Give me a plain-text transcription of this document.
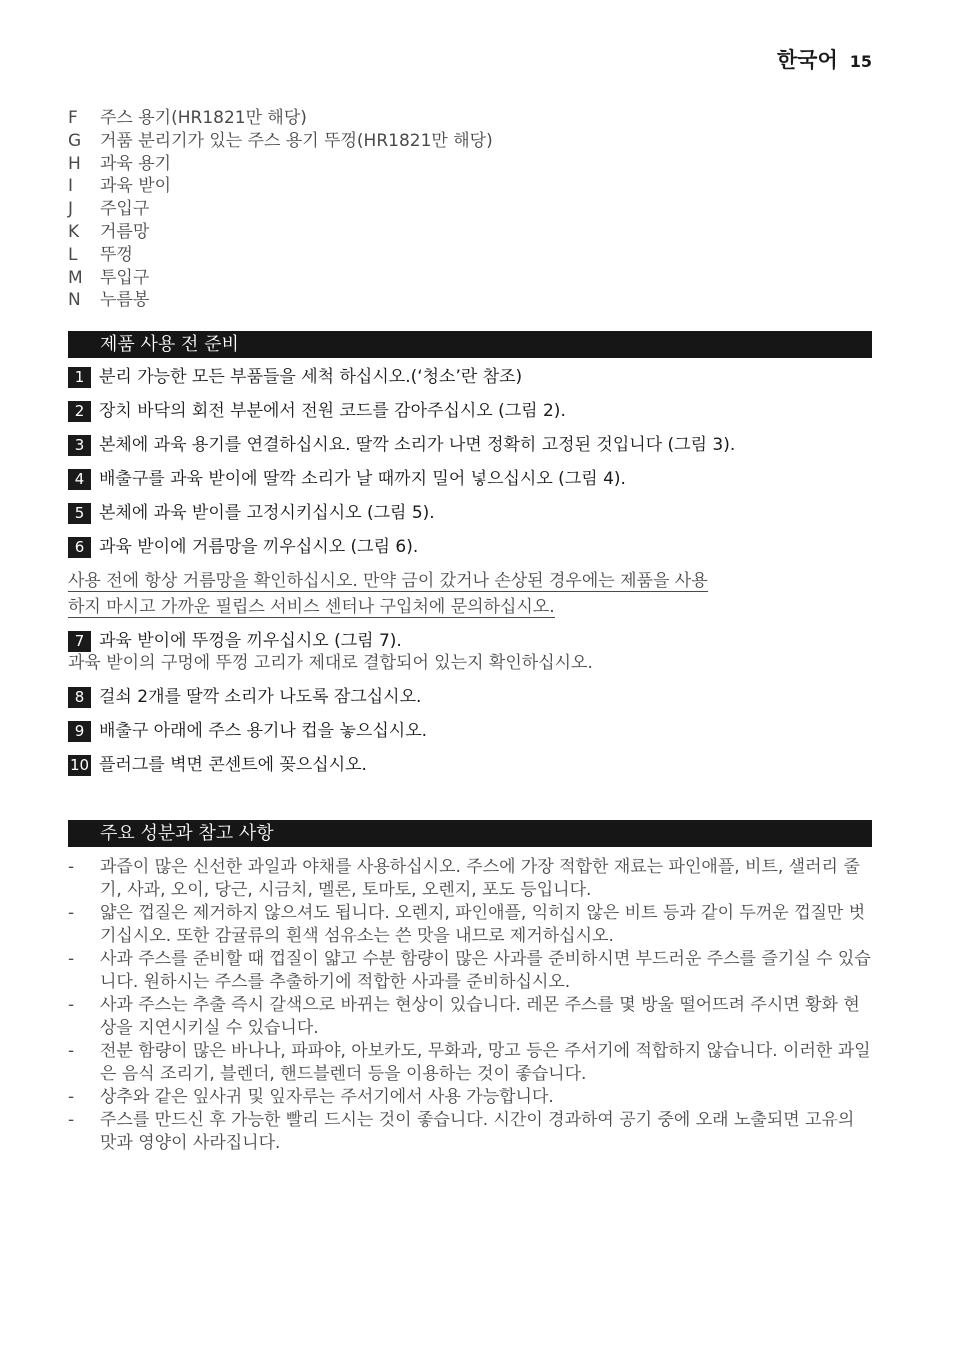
한국어 15
F	주스 용기(HR1821만 해당)
G	거품 분리기가 있는 주스 용기 뚜껑(HR1821만 해당)
H	과육 용기
I	과육 받이
J	주입구
K	거름망
L	뚜껑
M	투입구
N	누름봉
제품 사용 전 준비
1 분리 가능한 모든 부품들을 세척 하십시오.(‘청소’란 참조)
2 장치 바닥의 회전 부분에서 전원 코드를 감아주십시오 (그림 2).
3 본체에 과육 용기를 연결하십시요. 딸깍 소리가 나면 정확히 고정된 것입니다 (그림 3).
4 배출구를 과육 받이에 딸깍 소리가 날 때까지 밀어 넣으십시오 (그림 4).
5 본체에 과육 받이를 고정시키십시오 (그림 5).
6 과육 받이에 거름망을 끼우십시오 (그림 6).
사용 전에 항상 거름망을 확인하십시오. 만약 금이 갔거나 손상된 경우에는 제품을 사용
하지 마시고 가까운 필립스 서비스 센터나 구입처에 문의하십시오.
7 과육 받이에 뚜껑을 끼우십시오 (그림 7).
과육 받이의 구멍에 뚜껑 고리가 제대로 결합되어 있는지 확인하십시오.
8 걸쇠 2개를 딸깍 소리가 나도록 잠그십시오.
9 배출구 아래에 주스 용기나 컵을 놓으십시오.
10 플러그를 벽면 콘센트에 꽂으십시오.
주요 성분과 참고 사항
-	과즙이 많은 신선한 과일과 야채를 사용하십시오. 주스에 가장 적합한 재료는 파인애플, 비트, 샐러리 줄기, 사과, 오이, 당근, 시금치, 멜론, 토마토, 오렌지, 포도 등입니다.
-	얇은 껍질은 제거하지 않으셔도 됩니다. 오렌지, 파인애플, 익히지 않은 비트 등과 같이 두꺼운 껍질만 벗기십시오. 또한 감귤류의 흰색 섬유소는 쓴 맛을 내므로 제거하십시오.
-	사과 주스를 준비할 때 껍질이 얇고 수분 함량이 많은 사과를 준비하시면 부드러운 주스를 즐기실 수 있습니다. 원하시는 주스를 추출하기에 적합한 사과를 준비하십시오.
-	사과 주스는 추출 즉시 갈색으로 바뀌는 현상이 있습니다. 레몬 주스를 몇 방울 떨어뜨려 주시면 황화 현상을 지연시키실 수 있습니다.
-	전분 함량이 많은 바나나, 파파야, 아보카도, 무화과, 망고 등은 주서기에 적합하지 않습니다. 이러한 과일은 음식 조리기, 블렌더, 핸드블렌더 등을 이용하는 것이 좋습니다.
-	상추와 같은 잎사귀 및 잎자루는 주서기에서 사용 가능합니다.
-	주스를 만드신 후 가능한 빨리 드시는 것이 좋습니다. 시간이 경과하여 공기 중에 오래 노출되면 고유의 맛과 영양이 사라집니다.
